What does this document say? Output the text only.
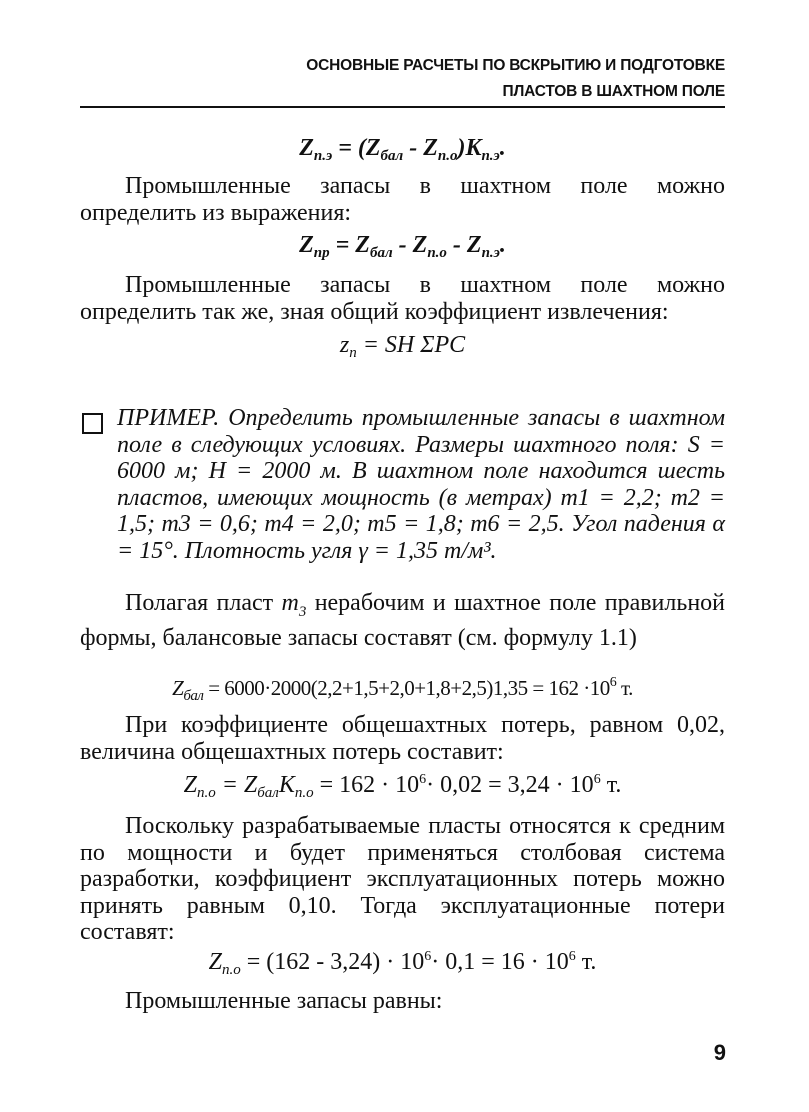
ОСНОВНЫЕ РАСЧЕТЫ ПО ВСКРЫТИЮ И ПОДГОТОВКЕ
ПЛАСТОВ В ШАХТНОМ ПОЛЕ
$Z_{п.э} = (Z_{бал} - Z_{п.о})K_{п.э}$.
Промышленные запасы в шахтном поле можно определить из выражения:
$Z_{пр} = Z_{бал} - Z_{п.о} - Z_{п.э}$.
Промышленные запасы в шахтном поле можно определить так же, зная общий коэффициент извлечения:
$z_п$ = SH ΣPC
ПРИМЕР. Определить промышленные запасы в шахтном поле в следующих условиях. Размеры шахтного поля: S = 6000 м; H = 2000 м. В шахтном поле находится шесть пластов, имеющих мощность (в метрах) m1 = 2,2; m2 = 1,5; m3 = 0,6; m4 = 2,0; m5 = 1,8; m6 = 2,5. Угол падения α = 15°. Плотность угля γ = 1,35 т/м³.
Полагая пласт $m_3$ нерабочим и шахтное поле правильной формы, балансовые запасы составят (см. формулу 1.1)
$Z_{бал} = 6000\cdot 2000(2,2+1,5+2,0+1,8+2,5)1,35 = 162 \cdot 10^6$ т.
При коэффициенте общешахтных потерь, равном 0,02, величина общешахтных потерь составит:
$Z_{п.о} = Z_{бал}K_{п.о} = 162 \cdot 10^6\cdot 0,02 = 3,24 \cdot 10^6$ т.
Поскольку разрабатываемые пласты относятся к средним по мощности и будет применяться столбовая система разработки, коэффициент эксплуатационных потерь можно принять равным 0,10. Тогда эксплуатационные потери составят:
$Z_{п.о} = (162 - 3,24) \cdot 10^6\cdot 0,1 = 16 \cdot 10^6$ т.
Промышленные запасы равны:
9
